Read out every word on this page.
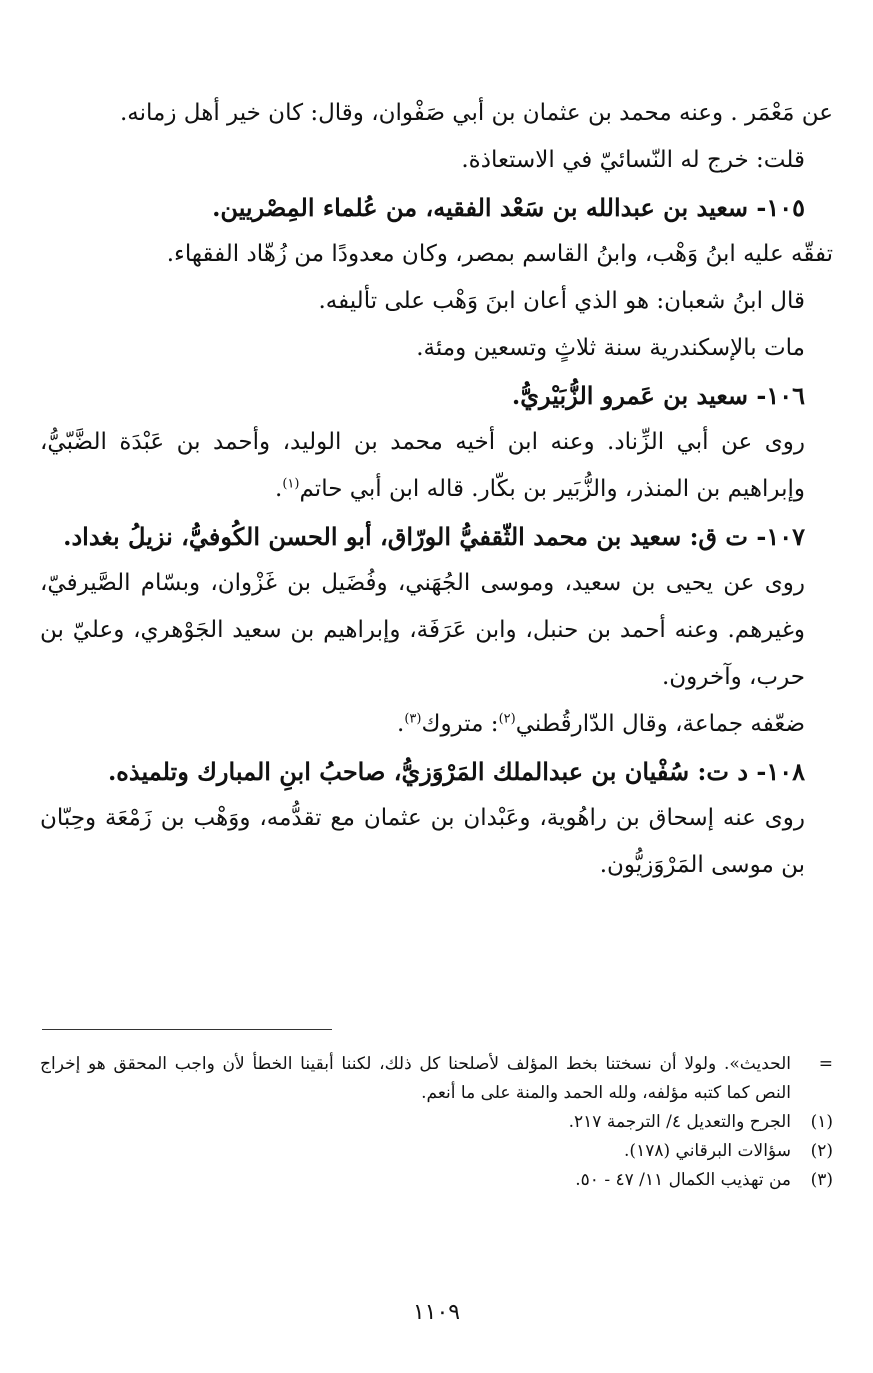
عن مَعْمَر . وعنه محمد بن عثمان بن أبي صَفْوان، وقال: كان خير أهل زمانه.

قلت: خرج له النّسائيّ في الاستعاذة.

١٠٥- سعيد بن عبدالله بن سَعْد الفقيه، من عُلماء المِصْريين.

تفقّه عليه ابنُ وَهْب، وابنُ القاسم بمصر، وكان معدودًا من زُهّاد الفقهاء.

قال ابنُ شعبان: هو الذي أعان ابنَ وَهْب على تأليفه.

مات بالإسكندرية سنة ثلاثٍ وتسعين ومئة.

١٠٦- سعيد بن عَمرو الزُّبَيْريُّ.

روى عن أبي الزِّناد. وعنه ابن أخيه محمد بن الوليد، وأحمد بن عَبْدَة الضَّبّيُّ، وإبراهيم بن المنذر، والزُّبَير بن بكّار. قاله ابن أبي حاتم$^{(١)}$.

١٠٧- ت ق: سعيد بن محمد الثّقفيُّ الورّاق، أبو الحسن الكُوفيُّ، نزيلُ بغداد.

روى عن يحيى بن سعيد، وموسى الجُهَني، وفُضَيل بن غَزْوان، وبسّام الصَّيرفيّ، وغيرهم. وعنه أحمد بن حنبل، وابن عَرَفَة، وإبراهيم بن سعيد الجَوْهري، وعليّ بن حرب، وآخرون.

ضعّفه جماعة، وقال الدّارقُطني$^{(٢)}$: متروك$^{(٣)}$.

١٠٨- د ت: سُفْيان بن عبدالملك المَرْوَزيُّ، صاحبُ ابنِ المبارك وتلميذه.

روى عنه إسحاق بن راهُوية، وعَبْدان بن عثمان مع تقدُّمه، ووَهْب بن زَمْعَة وحِبّان بن موسى المَرْوَزيُّون.

=
الحديث». ولولا أن نسختنا بخط المؤلف لأصلحنا كل ذلك، لكننا أبقينا الخطأ لأن واجب المحقق هو إخراج النص كما كتبه مؤلفه، ولله الحمد والمنة على ما أنعم.
(١)
الجرح والتعديل ٤/ الترجمة ٢١٧.
(٢)
سؤالات البرقاني (١٧٨).
(٣)
من تهذيب الكمال ١١/ ٤٧ - ٥٠.
١١٠٩
